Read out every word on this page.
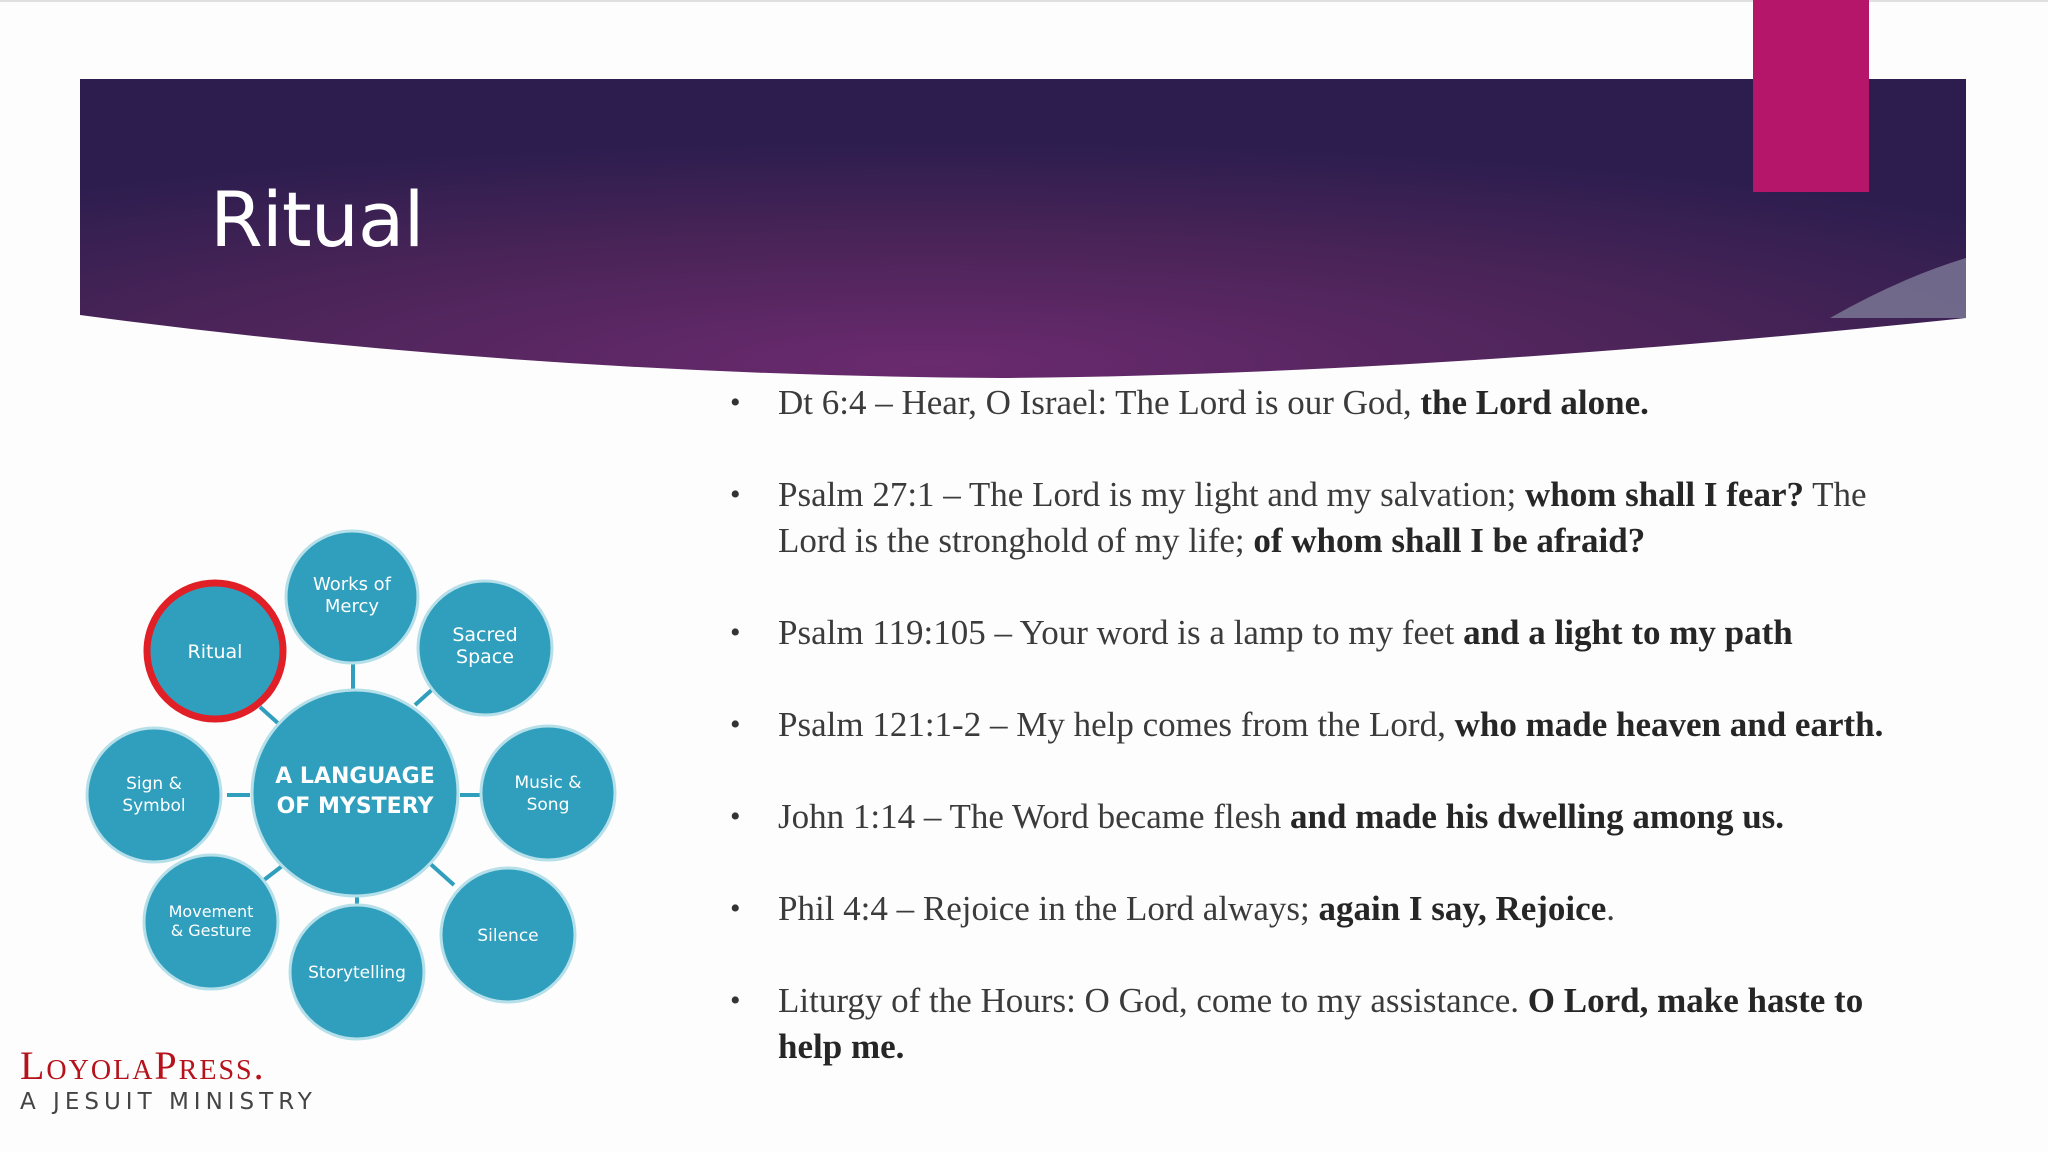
Ritual
A LANGUAGE
OF MYSTERY
Works of
Mercy
Sacred
Space
Music &
Song
Silence
Storytelling
Movement
& Gesture
Sign &
Symbol
Ritual
• Dt 6:4 – Hear, O Israel: The Lord is our God, the Lord alone.
• Psalm 27:1 – The Lord is my light and my salvation; whom shall I fear? The Lord is the stronghold of my life; of whom shall I be afraid?
• Psalm 119:105 – Your word is a lamp to my feet and a light to my path
• Psalm 121:1-2 – My help comes from the Lord, who made heaven and earth.
• John 1:14 – The Word became flesh and made his dwelling among us.
• Phil 4:4 – Rejoice in the Lord always; again I say, Rejoice.
• Liturgy of the Hours: O God, come to my assistance. O Lord, make haste to help me.
LoyolaPress.
A JESUIT MINISTRY
